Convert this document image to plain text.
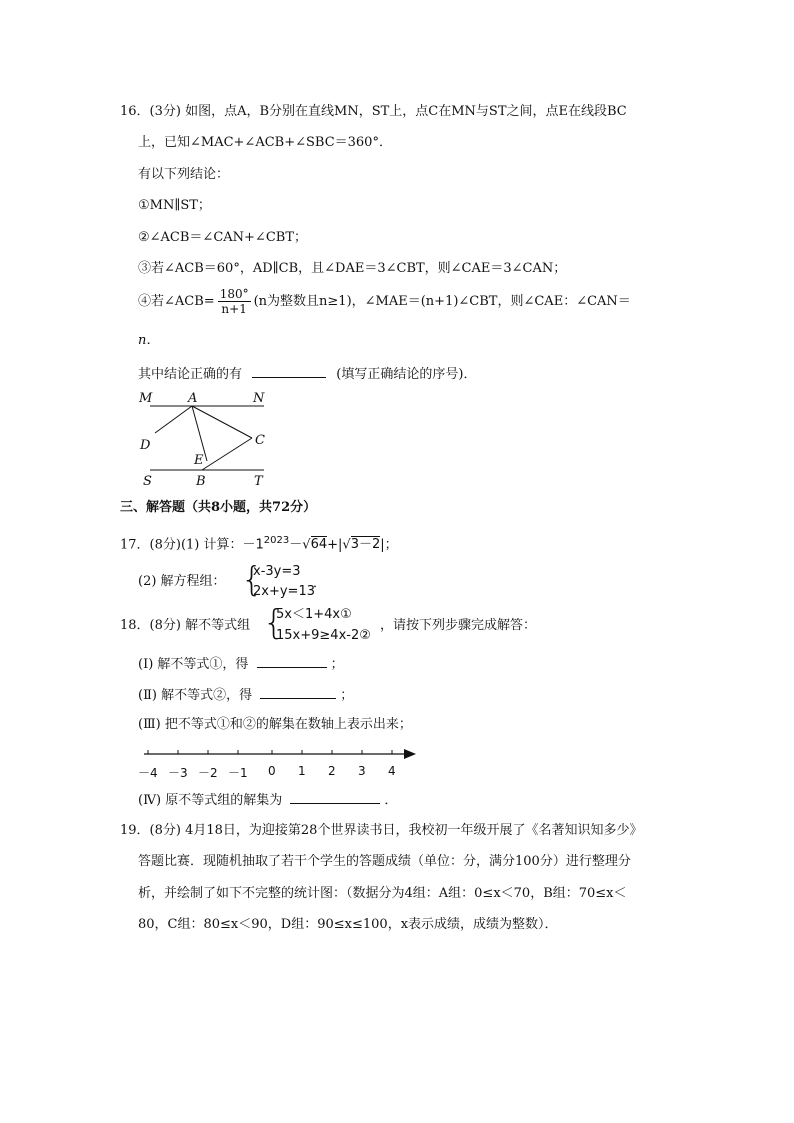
16．(3分) 如图，点A，B分别在直线MN，ST上，点C在MN与ST之间，点E在线段BC
上，已知∠MAC+∠ACB+∠SBC＝360°．
有以下列结论：
①MN∥ST；
②∠ACB＝∠CAN+∠CBT；
③若∠ACB＝60°，AD∥CB，且∠DAE＝3∠CBT，则∠CAE＝3∠CAN；
④若∠ACB= $\frac{180^\circ}{n+1} (n$为整数且n≥1)，∠MAE＝(n+1)∠CBT，则∠CAE：∠CAN＝
n．
其中结论正确的有	(填写正确结论的序号)．
M	A	N
D	C
E
S	B	T
三、解答题（共8小题，共72分）
17．(8分)(1) 计算：$-1^{2023}-√64+|√3-2|$；
(2) 解方程组： {
x-3y=3
2x+y=13
．
18．(8分) 解不等式组 {
5x＜1+4x①
15x+9≥4x-2②
，请按下列步骤完成解答：
(Ⅰ) 解不等式①，得	；
(Ⅱ) 解不等式②，得	；
(Ⅲ) 把不等式①和②的解集在数轴上表示出来；
－4 －3 －2 －1 0 1 2 3 4
(Ⅳ) 原不等式组的解集为	．
19．(8分) 4月18日，为迎接第28个世界读书日，我校初一年级开展了《名著知识知多少》
答题比赛．现随机抽取了若干个学生的答题成绩（单位：分，满分100分）进行整理分
析，并绘制了如下不完整的统计图：（数据分为4组：A组：0≤x＜70，B组：70≤x＜
80，C组：80≤x＜90，D组：90≤x≤100，x表示成绩，成绩为整数）．
